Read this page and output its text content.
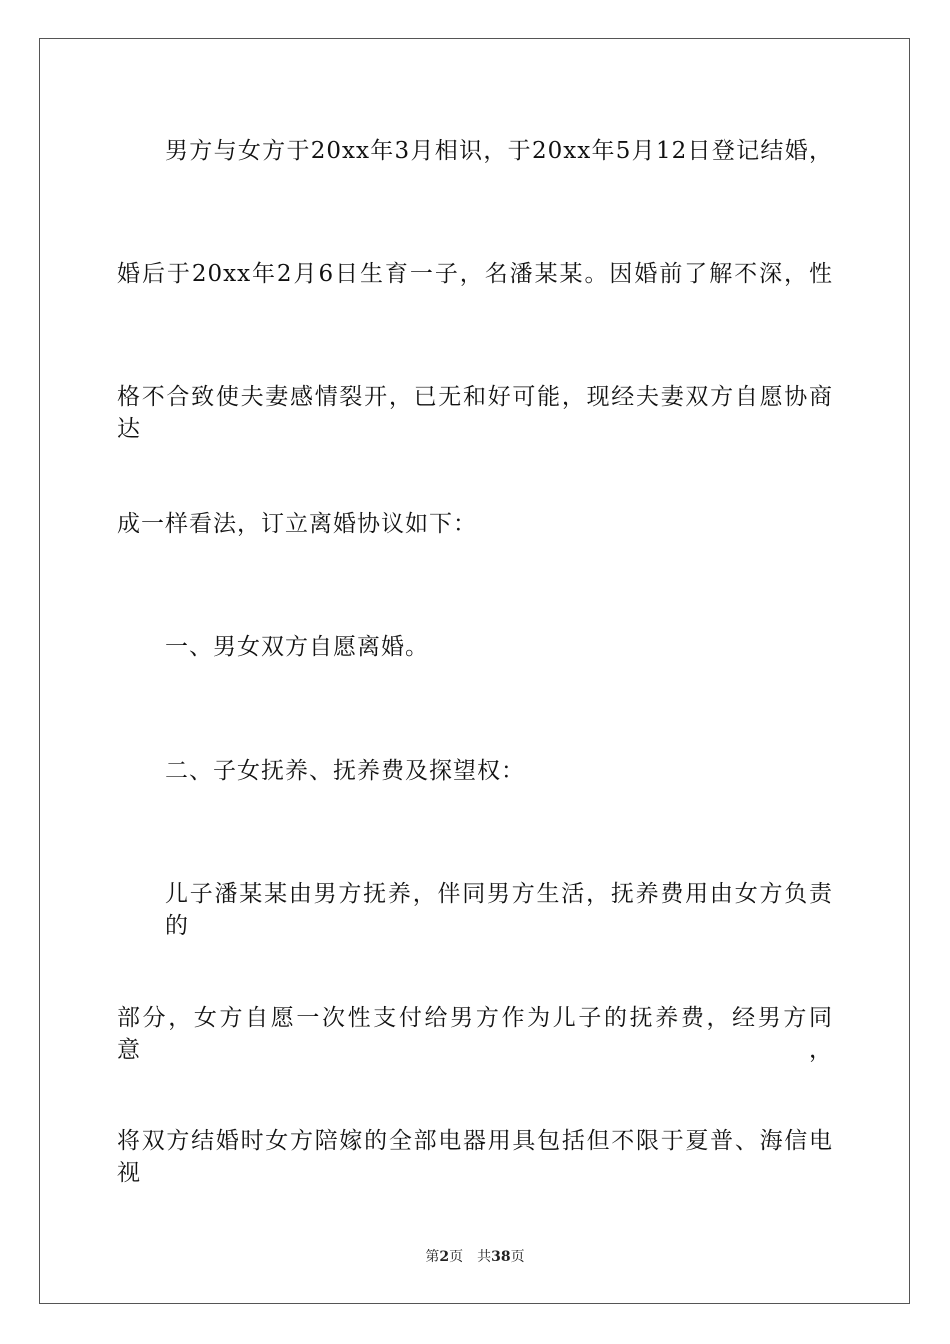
男方与女方于20xx年3月相识，于20xx年5月12日登记结婚，
婚后于20xx年2月6日生育一子，名潘某某。因婚前了解不深，性
格不合致使夫妻感情裂开，已无和好可能，现经夫妻双方自愿协商达
成一样看法，订立离婚协议如下：
一、男女双方自愿离婚。
二、子女抚养、抚养费及探望权：
儿子潘某某由男方抚养，伴同男方生活，抚养费用由女方负责的
部分，女方自愿一次性支付给男方作为儿子的抚养费，经男方同意，
将双方结婚时女方陪嫁的全部电器用具包括但不限于夏普、海信电视
第2页 共38页
